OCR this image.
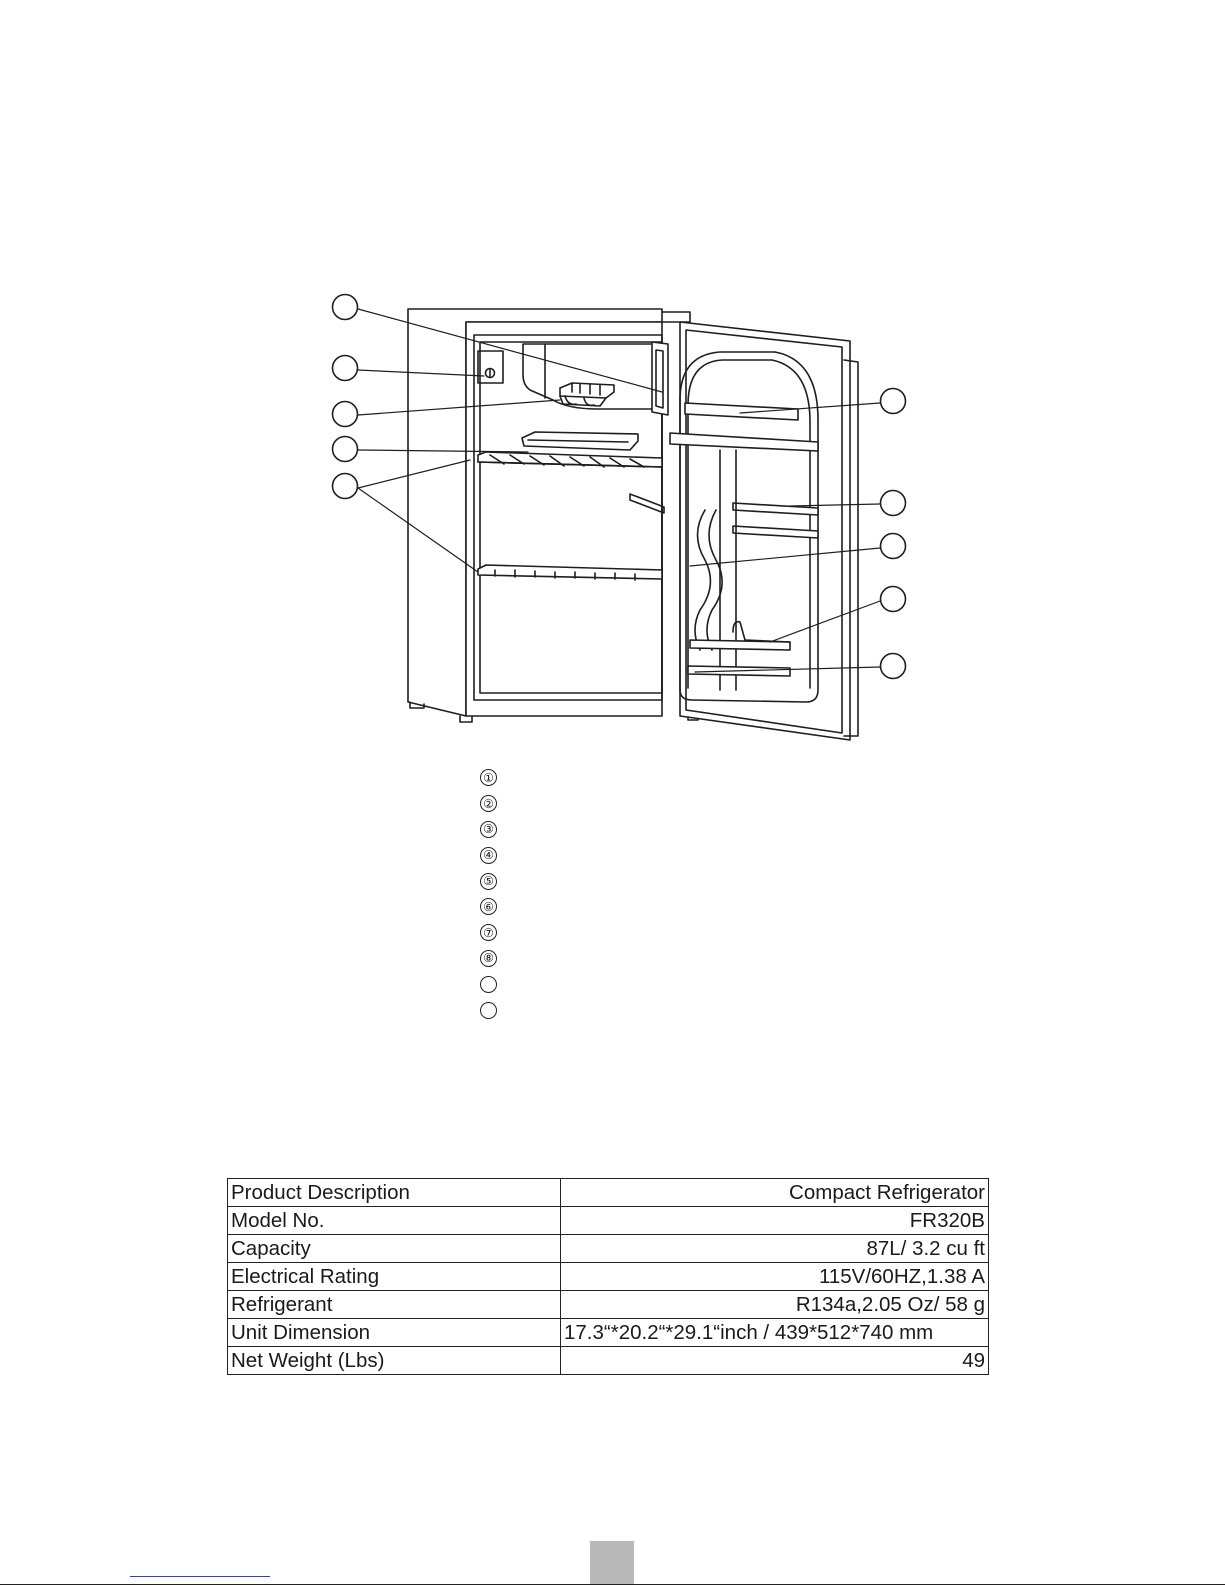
①
②
③
④
⑤
⑥
⑦
⑧
Product Description	Compact Refrigerator
Model No.	FR320B
Capacity	87L/ 3.2 cu ft
Electrical Rating	115V/60HZ,1.38 A
Refrigerant	R134a,2.05 Oz/ 58 g
Unit Dimension	17.3“*20.2“*29.1“inch / 439*512*740 mm
Net Weight (Lbs)	49
